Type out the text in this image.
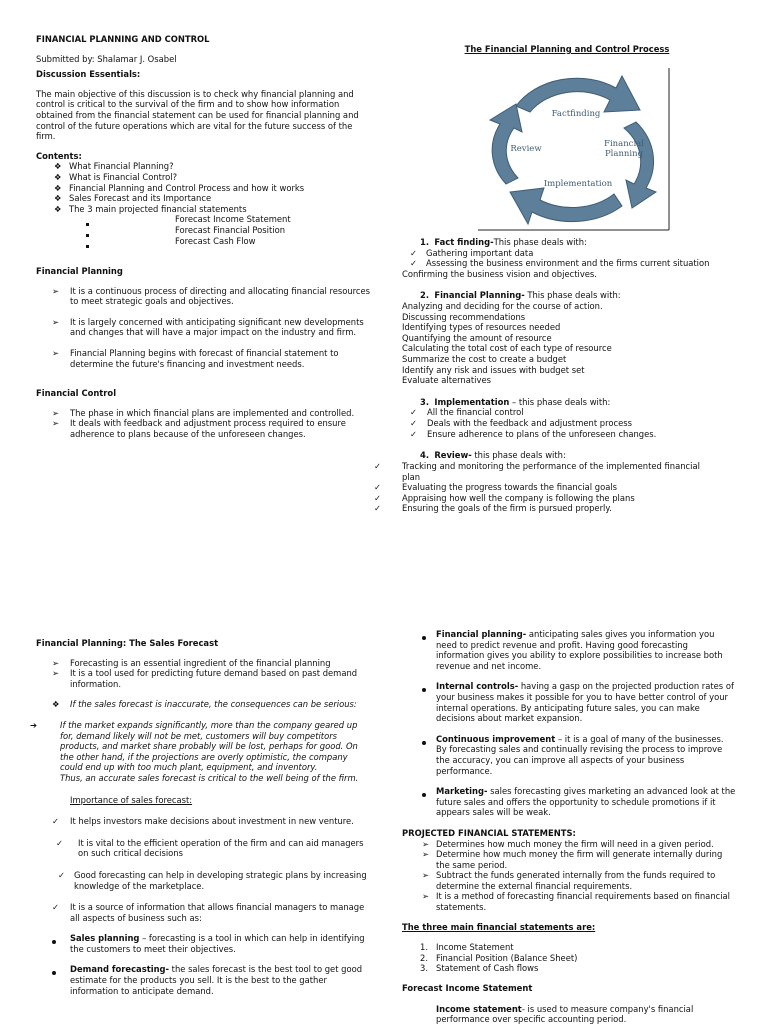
FINANCIAL PLANNING AND CONTROL

Submitted by: Shalamar J. Osabel

Discussion Essentials:

The main objective of this discussion is to check why financial planning and control is critical to the survival of the firm and to show how information obtained from the financial statement can be used for financial planning and control of the future operations which are vital for the future success of the firm.

Contents:

❖ What Financial Planning?
❖ What is Financial Control?
❖ Financial Planning and Control Process and how it works
❖ Sales Forecast and its Importance
❖ The 3 main projected financial statements
Forecast Income Statement
Forecast Financial Position
Forecast Cash Flow

Financial Planning

➢ It is a continuous process of directing and allocating financial resources to meet strategic goals and objectives.
➢ It is largely concerned with anticipating significant new developments and changes that will have a major impact on the industry and firm.
➢ Financial Planning begins with forecast of financial statement to determine the future's financing and investment needs.

Financial Control

➢ The phase in which financial plans are implemented and controlled.
➢ It deals with feedback and adjustment process required to ensure adherence to plans because of the unforeseen changes.

The Financial Planning and Control Process

Factfinding
Financial
Planning
Review
Implementation

1. Fact finding-This phase deals with:

✓ Gathering important data
✓ Assessing the business environment and the firms current situation

Confirming the business vision and objectives.

2. Financial Planning- This phase deals with:

Analyzing and deciding for the course of action.

Discussing recommendations

Identifying types of resources needed

Quantifying the amount of resource

Calculating the total cost of each type of resource

Summarize the cost to create a budget

Identify any risk and issues with budget set

Evaluate alternatives

3. Implementation – this phase deals with:

✓ All the financial control
✓ Deals with the feedback and adjustment process
✓ Ensure adherence to plans of the unforeseen changes.

4. Review- this phase deals with:

✓ Tracking and monitoring the performance of the implemented financial plan
✓ Evaluating the progress towards the financial goals
✓ Appraising how well the company is following the plans
✓ Ensuring the goals of the firm is pursued properly.

Financial Planning: The Sales Forecast

➢ Forecasting is an essential ingredient of the financial planning
➢ It is a tool used for predicting future demand based on past demand information.
❖ If the sales forecast is inaccurate, the consequences can be serious:
➔	If the market expands significantly, more than the company geared up for, demand likely will not be met, customers will buy competitors products, and market share probably will be lost, perhaps for good. On the other hand, if the projections are overly optimistic, the company could end up with too much plant, equipment, and inventory.

Thus, an accurate sales forecast is critical to the well being of the firm.

Importance of sales forecast:

✓ It helps investors make decisions about investment in new venture.
✓ It is vital to the efficient operation of the firm and can aid managers on such critical decisions
✓ Good forecasting can help in developing strategic plans by increasing knowledge of the marketplace.
✓ It is a source of information that allows financial managers to manage all aspects of business such as:
Sales planning – forecasting is a tool in which can help in identifying the customers to meet their objectives.
Demand forecasting- the sales forecast is the best tool to get good estimate for the products you sell. It is the best to the gather information to anticipate demand.
Financial planning- anticipating sales gives you information you need to predict revenue and profit. Having good forecasting information gives you ability to explore possibilities to increase both revenue and net income.
Internal controls- having a gasp on the projected production rates of your business makes it possible for you to have better control of your internal operations. By anticipating future sales, you can make decisions about market expansion.
Continuous improvement – it is a goal of many of the businesses. By forecasting sales and continually revising the process to improve the accuracy, you can improve all aspects of your business performance.
Marketing- sales forecasting gives marketing an advanced look at the future sales and offers the opportunity to schedule promotions if it appears sales will be weak.

PROJECTED FINANCIAL STATEMENTS:

➢ Determines how much money the firm will need in a given period.
➢ Determine how much money the firm will generate internally during the same period.
➢ Subtract the funds generated internally from the funds required to determine the external financial requirements.
➢ It is a method of forecasting financial requirements based on financial statements.

The three main financial statements are:

1. Income Statement
2. Financial Position (Balance Sheet)
3. Statement of Cash flows

Forecast Income Statement

Income statement- is used to measure company's financial performance over specific accounting period.
